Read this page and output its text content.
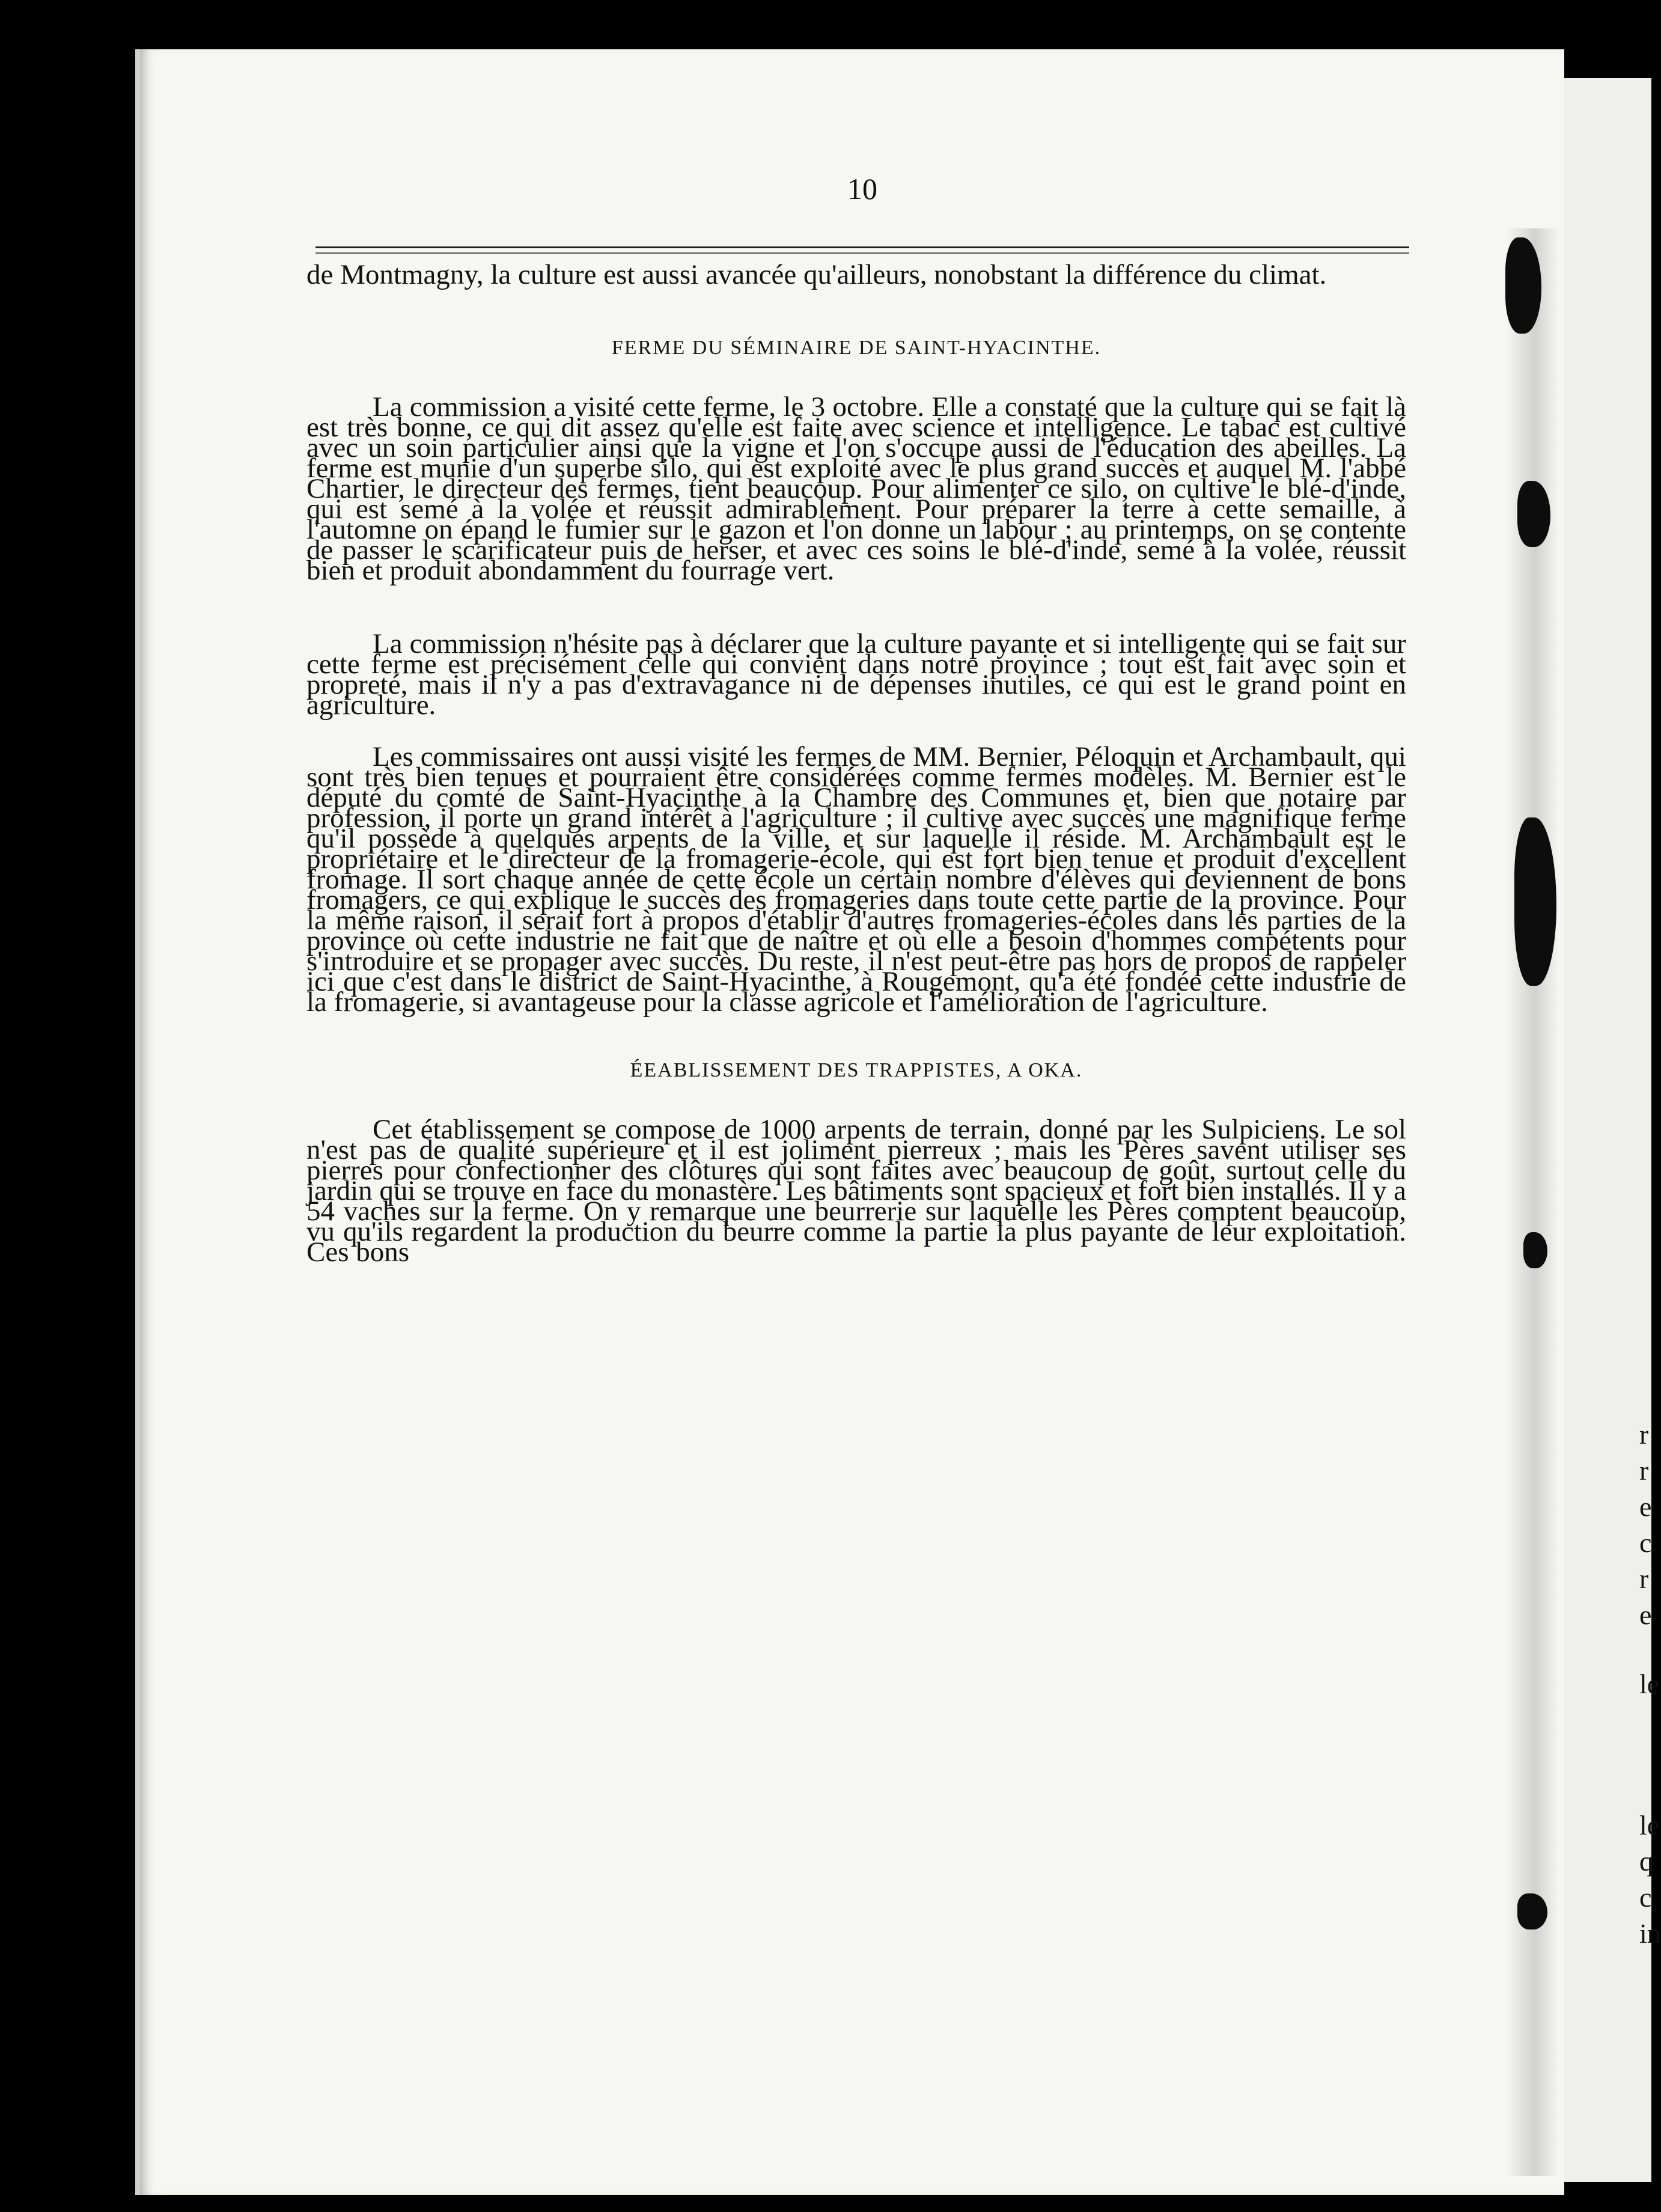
r
r
e
c
r
e
le
le
q
c
in
10

de Montmagny, la culture est aussi avancée qu'ailleurs, nonobstant la différence du climat.

FERME DU SÉMINAIRE DE SAINT-HYACINTHE.

La commission a visité cette ferme, le 3 octobre. Elle a constaté que la culture qui se fait là est très bonne, ce qui dit assez qu'elle est faite avec science et intelligence. Le tabac est cultivé avec un soin particulier ainsi que la vigne et l'on s'occupe aussi de l'éducation des abeilles. La ferme est munie d'un superbe silo, qui est exploité avec le plus grand succès et auquel M. l'abbé Chartier, le directeur des fermes, tient beaucoup. Pour alimenter ce silo, on cultive le blé-d'inde, qui est semé à la volée et réussit admirablement. Pour préparer la terre à cette semaille, à l'automne on épand le fumier sur le gazon et l'on donne un labour ; au printemps, on se contente de passer le scarificateur puis de herser, et avec ces soins le blé-d'inde, semé à la volée, réussit bien et produit abondamment du fourrage vert.

La commission n'hésite pas à déclarer que la culture payante et si intelligente qui se fait sur cette ferme est précisément celle qui convient dans notre province ; tout est fait avec soin et propreté, mais il n'y a pas d'extravagance ni de dépenses inutiles, ce qui est le grand point en agriculture.

Les commissaires ont aussi visité les fermes de MM. Bernier, Péloquin et Archambault, qui sont très bien tenues et pourraient être considérées comme fermes modèles. M. Bernier est le député du comté de Saint-Hyacinthe à la Chambre des Communes et, bien que notaire par profession, il porte un grand intérêt à l'agriculture ; il cultive avec succès une magnifique ferme qu'il possède à quelques arpents de la ville, et sur laquelle il réside. M. Archambault est le propriétaire et le directeur de la fromagerie-école, qui est fort bien tenue et produit d'excellent fromage. Il sort chaque année de cette école un certain nombre d'élèves qui deviennent de bons fromagers, ce qui explique le succès des fromageries dans toute cette partie de la province. Pour la même raison, il serait fort à propos d'établir d'autres fromageries-écoles dans les parties de la province où cette industrie ne fait que de naître et où elle a besoin d'hommes compétents pour s'introduire et se propager avec succès. Du reste, il n'est peut-être pas hors de propos de rappeler ici que c'est dans le district de Saint-Hyacinthe, à Rougemont, qu'a été fondée cette industrie de la fromagerie, si avantageuse pour la classe agricole et l'amélioration de l'agriculture.

ÉEABLISSEMENT DES TRAPPISTES, A OKA.

Cet établissement se compose de 1000 arpents de terrain, donné par les Sulpiciens. Le sol n'est pas de qualité supérieure et il est joliment pierreux ; mais les Pères savent utiliser ses pierres pour confectionner des clôtures qui sont faites avec beaucoup de goût, surtout celle du jardin qui se trouve en face du monastère. Les bâtiments sont spacieux et fort bien installés. Il y a 54 vaches sur la ferme. On y remarque une beurrerie sur laquelle les Pères comptent beaucoup, vu qu'ils regardent la production du beurre comme la partie la plus payante de leur exploitation. Ces bons
